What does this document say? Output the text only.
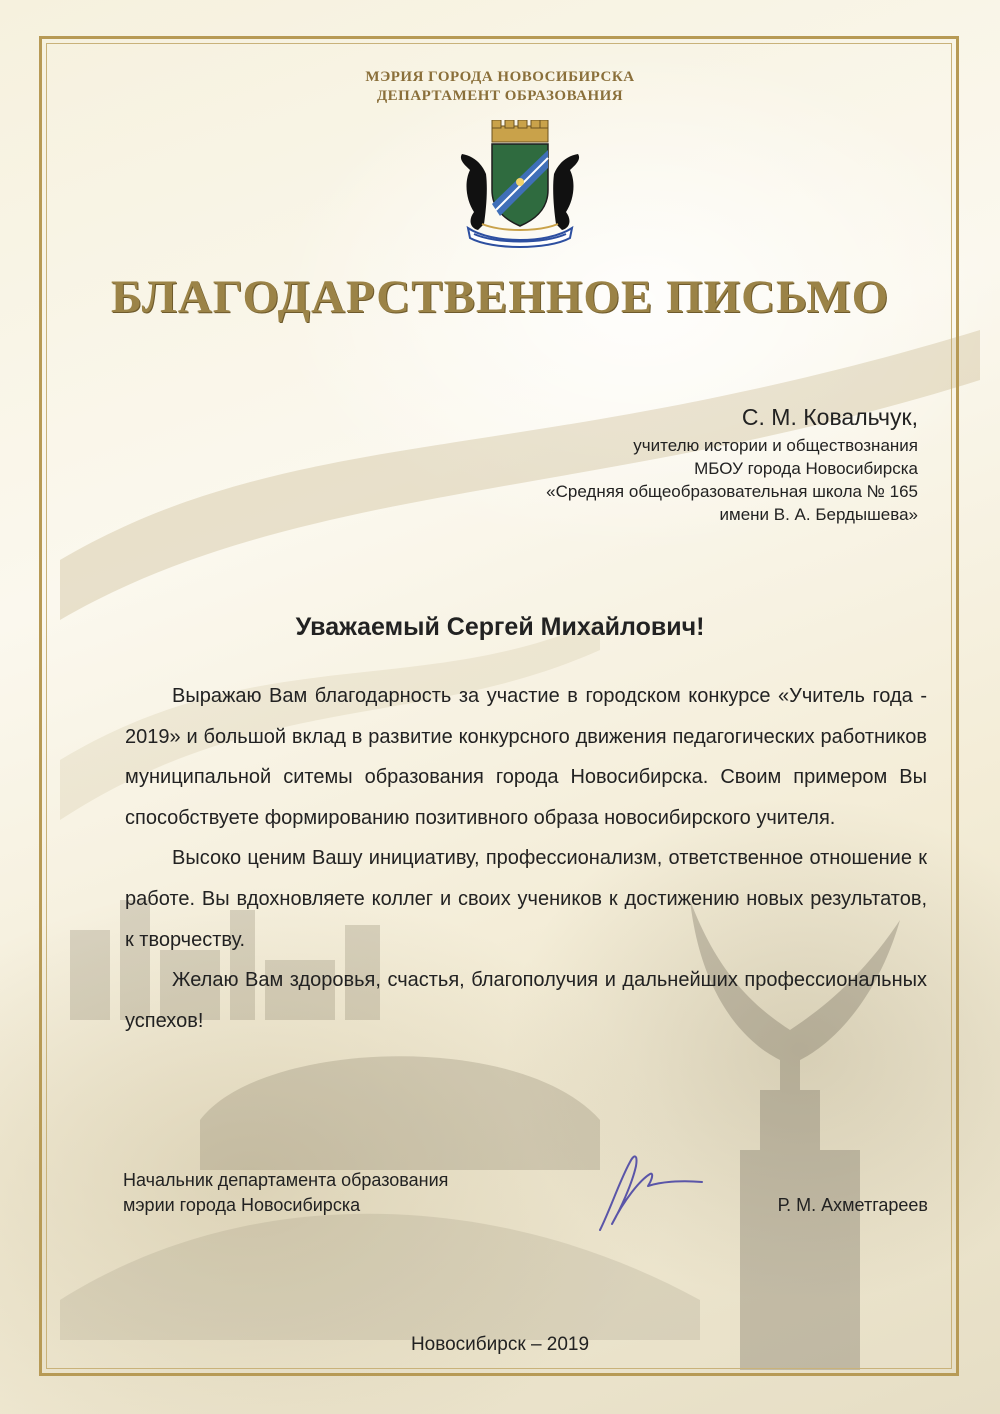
МЭРИЯ ГОРОДА НОВОСИБИРСКА
ДЕПАРТАМЕНТ ОБРАЗОВАНИЯ
БЛАГОДАРСТВЕННОЕ ПИСЬМО
С. М. Ковальчук,
учителю истории и обществознания
МБОУ города Новосибирска
«Средняя общеобразовательная школа № 165
имени В. А. Бердышева»
Уважаемый Сергей Михайлович!

Выражаю Вам благодарность за участие в городском конкурсе «Учитель года - 2019» и большой вклад в развитие конкурсного движения педагогических работников муниципальной ситемы образования города Новосибирска. Своим примером Вы способствуете формированию позитивного образа новосибирского учителя.

Высоко ценим Вашу инициативу, профессионализм, ответственное отношение к работе. Вы вдохновляете коллег и своих учеников к достижению новых результатов, к творчеству.

Желаю Вам здоровья, счастья, благополучия и дальнейших профессиональных успехов!

Начальник департамента образования
мэрии города Новосибирска	Р. М. Ахметгареев
Новосибирск – 2019
